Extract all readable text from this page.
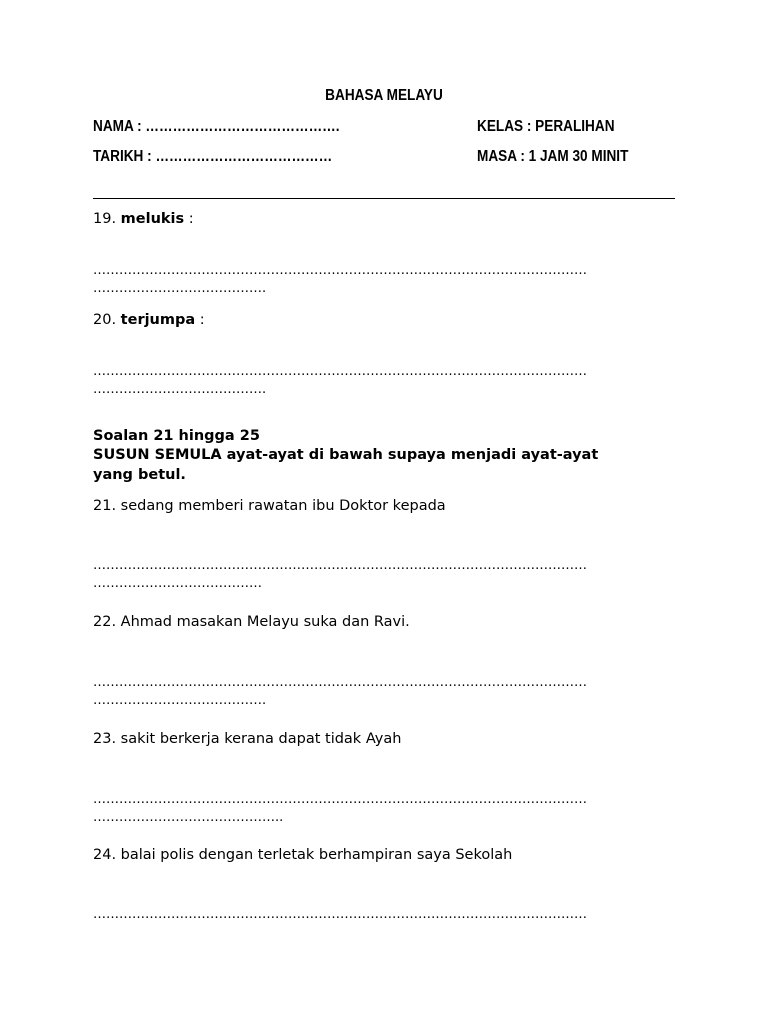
BAHASA MELAYU
NAMA : …………………………………….	KELAS : PERALIHAN
TARIKH : …………………………………	MASA : 1 JAM 30 MINIT
19. melukis :
……………………………………………………………………………………………………
………………………………….
20. terjumpa :
……………………………………………………………………………………………………
………………………………….
Soalan 21 hingga 25
SUSUN SEMULA ayat-ayat di bawah supaya menjadi ayat-ayat
yang betul.
21. sedang memberi rawatan ibu Doktor kepada
……………………………………………………………………………………………………
…………………………………
22. Ahmad masakan Melayu suka dan Ravi.
……………………………………………………………………………………………………
………………………………….
23. sakit berkerja kerana dapat tidak Ayah
……………………………………………………………………………………………………
……………………………………..
24. balai polis dengan terletak berhampiran saya Sekolah
……………………………………………………………………………………………………
